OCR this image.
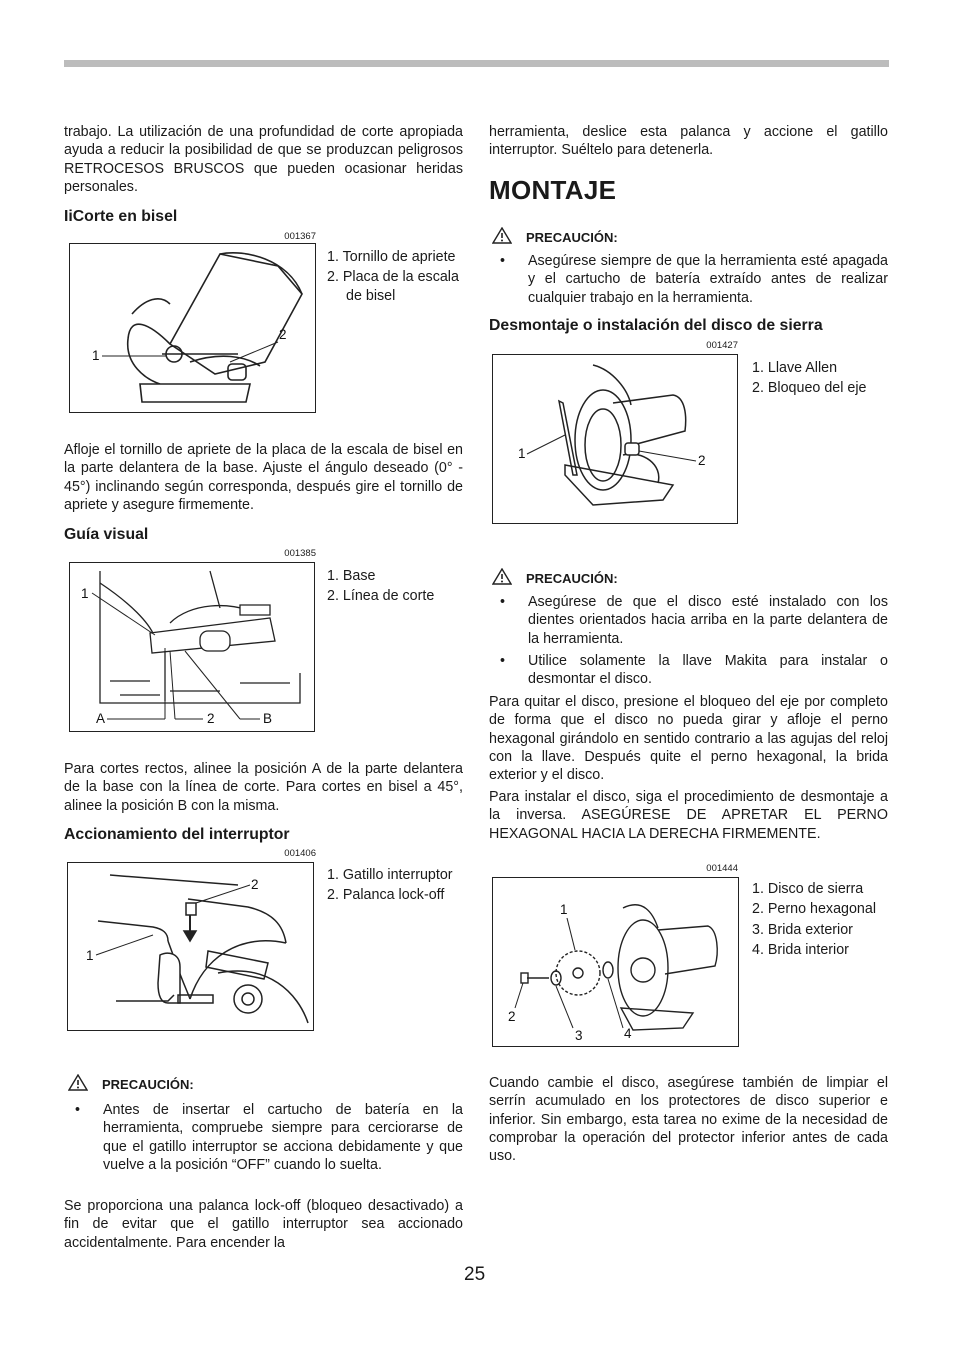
trabajo. La utilización de una profundidad de corte apropiada ayuda a reducir la posibilidad de que se produzcan peligrosos RETROCESOS BRUSCOS que pueden ocasionar heridas personales.

IiCorte en bisel
001367
1
2
1. Tornillo de apriete
2. Placa de la escala de bisel

Afloje el tornillo de apriete de la placa de la escala de bisel en la parte delantera de la base. Ajuste el ángulo deseado (0° - 45°) inclinando según corresponda, después gire el tornillo de apriete y asegure firmemente.

Guía visual
001385
1
A	2	B
1. Base
2. Línea de corte

Para cortes rectos, alinee la posición A de la parte delantera de la base con la línea de corte. Para cortes en bisel a 45°, alinee la posición B con la misma.

Accionamiento del interruptor
001406
2
1
1. Gatillo interruptor
2. Palanca lock-off
PRECAUCIÓN:
• Antes de insertar el cartucho de batería en la herramienta, compruebe siempre para cerciorarse de que el gatillo interruptor se acciona debidamente y que vuelve a la posición “OFF” cuando lo suelta.

Se proporciona una palanca lock-off (bloqueo desactivado) a fin de evitar que el gatillo interruptor sea accionado accidentalmente. Para encender la

herramienta, deslice esta palanca y accione el gatillo interruptor. Suéltelo para detenerla.

MONTAJE
PRECAUCIÓN:
• Asegúrese siempre de que la herramienta esté apagada y el cartucho de batería extraído antes de realizar cualquier trabajo en la herramienta.
Desmontaje o instalación del disco de sierra
001427
1	2
1. Llave Allen
2. Bloqueo del eje
PRECAUCIÓN:
• Asegúrese de que el disco esté instalado con los dientes orientados hacia arriba en la parte delantera de la herramienta.
• Utilice solamente la llave Makita para instalar o desmontar el disco.

Para quitar el disco, presione el bloqueo del eje por completo de forma que el disco no pueda girar y afloje el perno hexagonal girándolo en sentido contrario a las agujas del reloj con la llave. Después quite el perno hexagonal, la brida exterior y el disco.

Para instalar el disco, siga el procedimiento de desmontaje a la inversa. ASEGÚRESE DE APRETAR EL PERNO HEXAGONAL HACIA LA DERECHA FIRMEMENTE.

001444
1
2
3	4
1. Disco de sierra
2. Perno hexagonal
3. Brida exterior
4. Brida interior

Cuando cambie el disco, asegúrese también de limpiar el serrín acumulado en los protectores de disco superior e inferior. Sin embargo, esta tarea no exime de la necesidad de comprobar la operación del protector inferior antes de cada uso.

25
